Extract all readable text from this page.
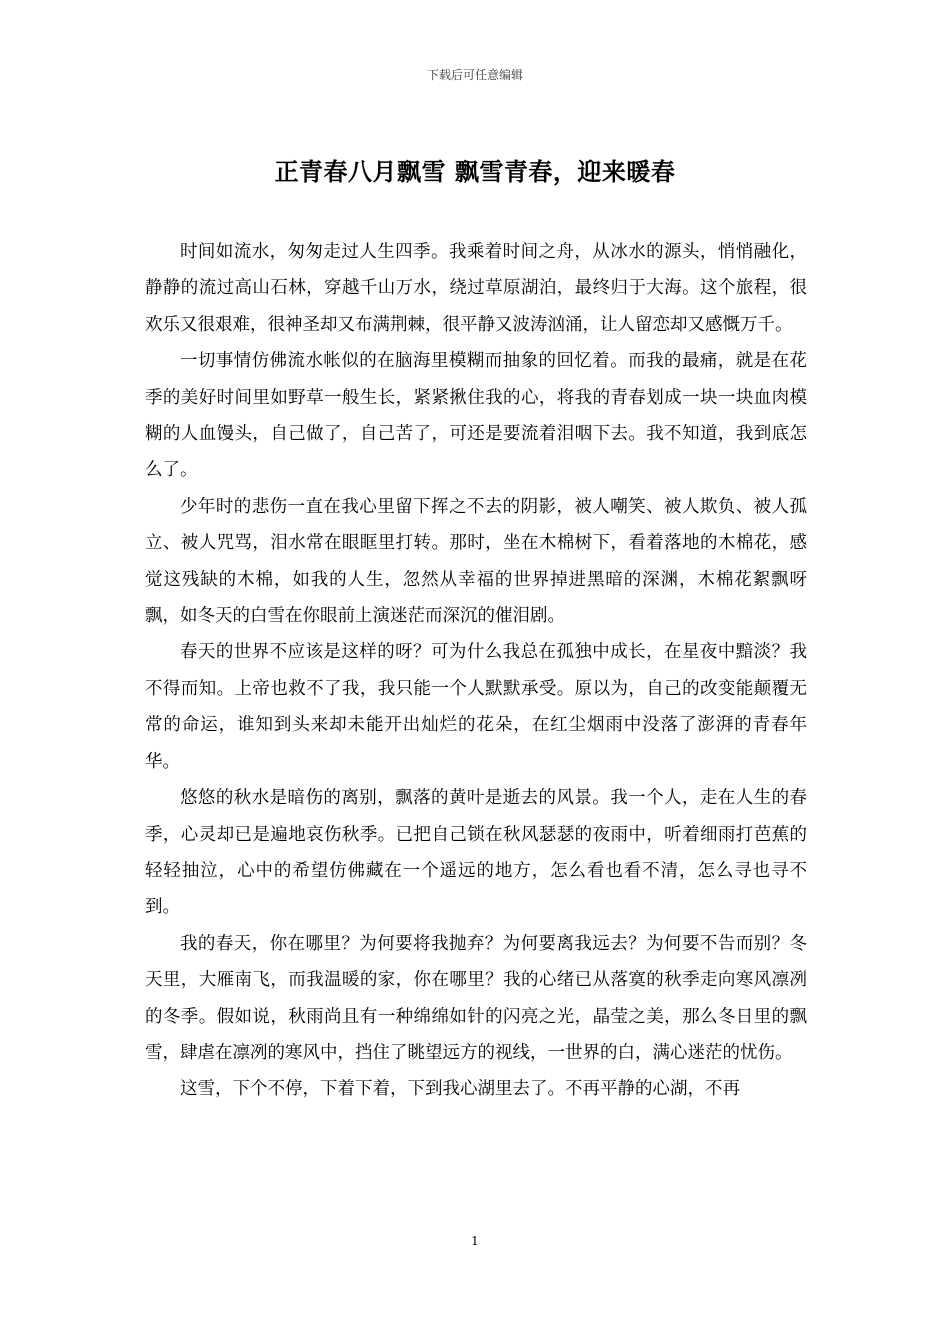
下载后可任意编辑
正青春八月飘雪 飘雪青春，迎来暖春

时间如流水，匆匆走过人生四季。我乘着时间之舟，从冰水的源头，悄悄融化，静静的流过高山石林，穿越千山万水，绕过草原湖泊，最终归于大海。这个旅程，很欢乐又很艰难，很神圣却又布满荆棘，很平静又波涛汹涌，让人留恋却又感慨万千。

一切事情仿佛流水帐似的在脑海里模糊而抽象的回忆着。而我的最痛，就是在花季的美好时间里如野草一般生长，紧紧揪住我的心，将我的青春划成一块一块血肉模糊的人血馒头，自己做了，自己苦了，可还是要流着泪咽下去。我不知道，我到底怎么了。

少年时的悲伤一直在我心里留下挥之不去的阴影，被人嘲笑、被人欺负、被人孤立、被人咒骂，泪水常在眼眶里打转。那时，坐在木棉树下，看着落地的木棉花，感觉这残缺的木棉，如我的人生，忽然从幸福的世界掉进黑暗的深渊，木棉花絮飘呀飘，如冬天的白雪在你眼前上演迷茫而深沉的催泪剧。

春天的世界不应该是这样的呀？可为什么我总在孤独中成长，在星夜中黯淡？我不得而知。上帝也救不了我，我只能一个人默默承受。原以为，自己的改变能颠覆无常的命运，谁知到头来却未能开出灿烂的花朵，在红尘烟雨中没落了澎湃的青春年华。

悠悠的秋水是暗伤的离别，飘落的黄叶是逝去的风景。我一个人，走在人生的春季，心灵却已是遍地哀伤秋季。已把自己锁在秋风瑟瑟的夜雨中，听着细雨打芭蕉的轻轻抽泣，心中的希望仿佛藏在一个遥远的地方，怎么看也看不清，怎么寻也寻不到。

我的春天，你在哪里？为何要将我抛弃？为何要离我远去？为何要不告而别？冬天里，大雁南飞，而我温暖的家，你在哪里？我的心绪已从落寞的秋季走向寒风凛冽的冬季。假如说，秋雨尚且有一种绵绵如针的闪亮之光，晶莹之美，那么冬日里的飘雪，肆虐在凛冽的寒风中，挡住了眺望远方的视线，一世界的白，满心迷茫的忧伤。

这雪，下个不停，下着下着，下到我心湖里去了。不再平静的心湖，不再

1
